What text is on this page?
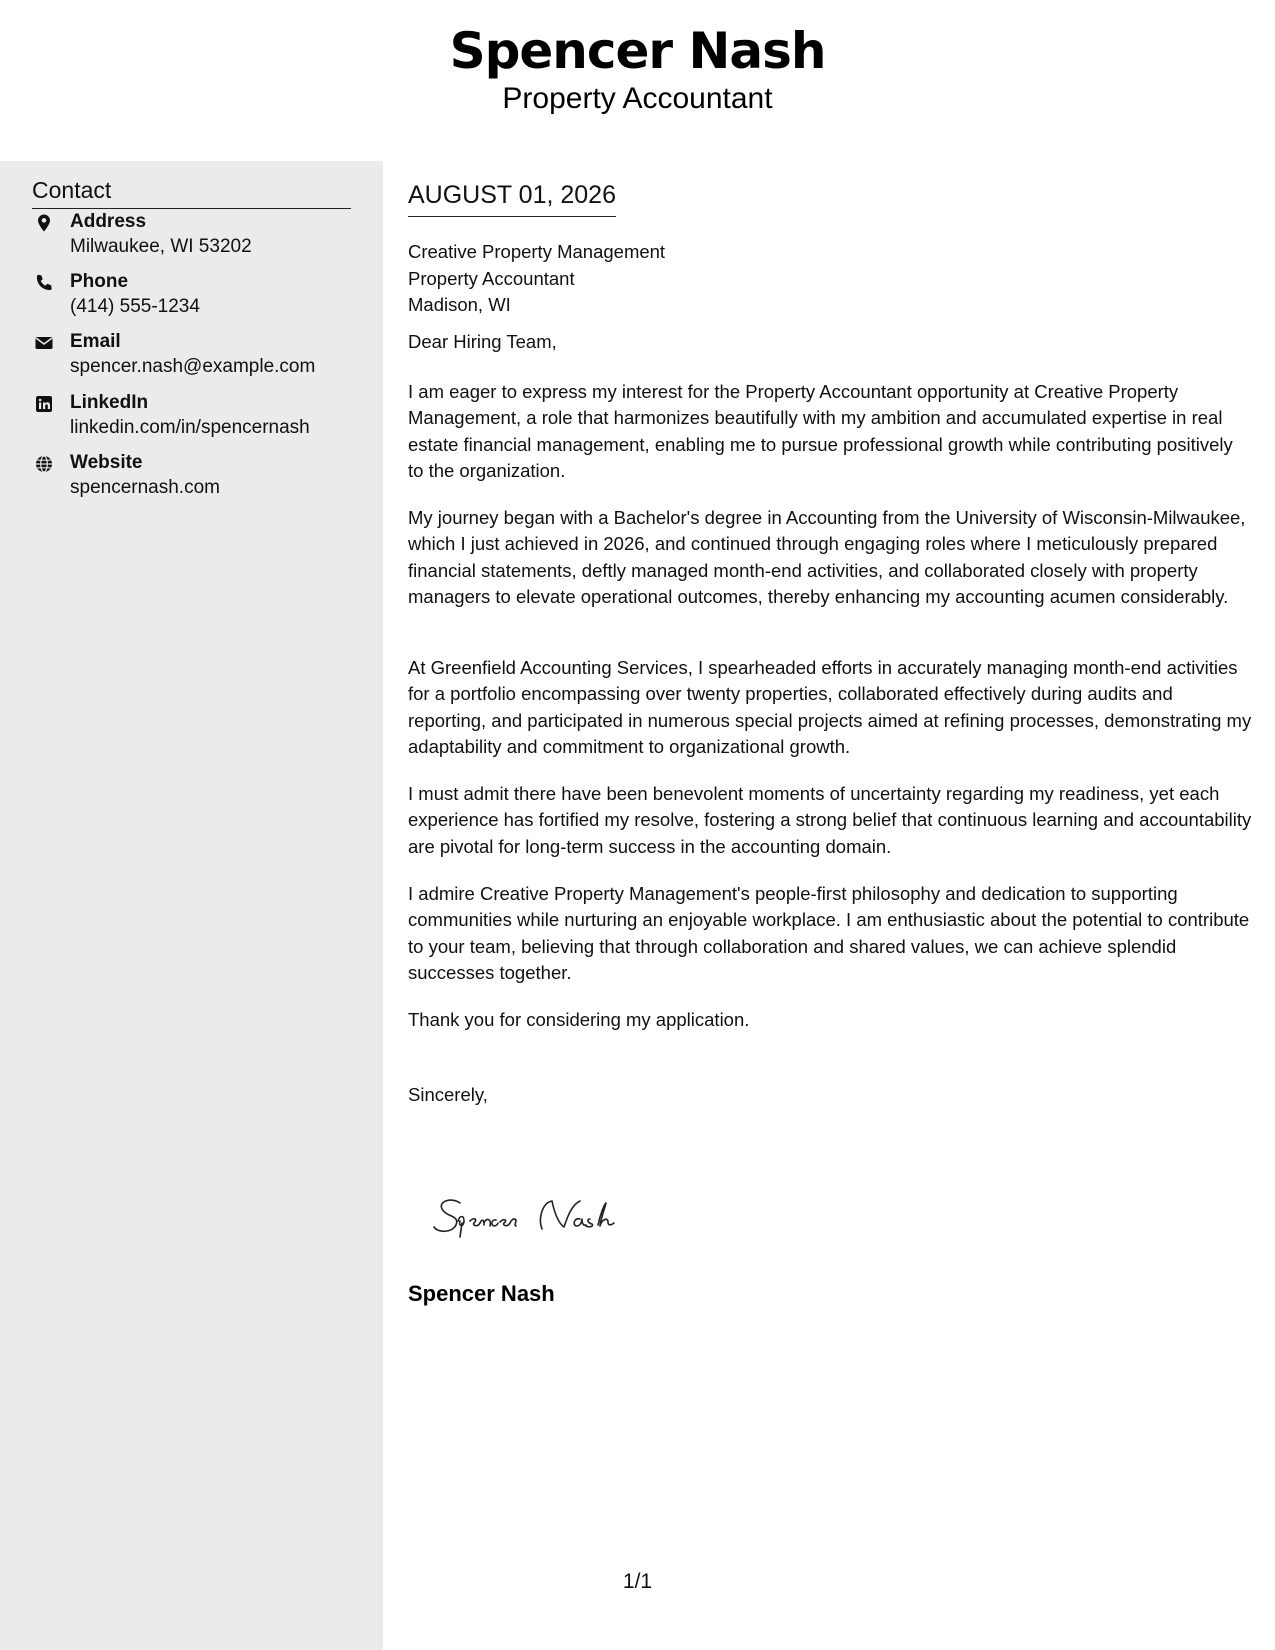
Spencer Nash
Property Accountant
Contact
Address
Milwaukee, WI 53202
Phone
(414) 555-1234
Email
spencer.nash@example.com
LinkedIn
linkedin.com/in/spencernash
Website
spencernash.com
AUGUST 01, 2026
Creative Property Management
Property Accountant
Madison, WI
Dear Hiring Team,
I am eager to express my interest for the Property Accountant opportunity at Creative Property Management, a role that harmonizes beautifully with my ambition and accumulated expertise in real estate financial management, enabling me to pursue professional growth while contributing positively to the organization.
My journey began with a Bachelor's degree in Accounting from the University of Wisconsin-Milwaukee, which I just achieved in 2026, and continued through engaging roles where I meticulously prepared financial statements, deftly managed month-end activities, and collaborated closely with property managers to elevate operational outcomes, thereby enhancing my accounting acumen considerably.
At Greenfield Accounting Services, I spearheaded efforts in accurately managing month-end activities for a portfolio encompassing over twenty properties, collaborated effectively during audits and reporting, and participated in numerous special projects aimed at refining processes, demonstrating my adaptability and commitment to organizational growth.
I must admit there have been benevolent moments of uncertainty regarding my readiness, yet each experience has fortified my resolve, fostering a strong belief that continuous learning and accountability are pivotal for long-term success in the accounting domain.
I admire Creative Property Management's people-first philosophy and dedication to supporting communities while nurturing an enjoyable workplace. I am enthusiastic about the potential to contribute to your team, believing that through collaboration and shared values, we can achieve splendid successes together.
Thank you for considering my application.
Sincerely,
Spencer Nash
1/1
